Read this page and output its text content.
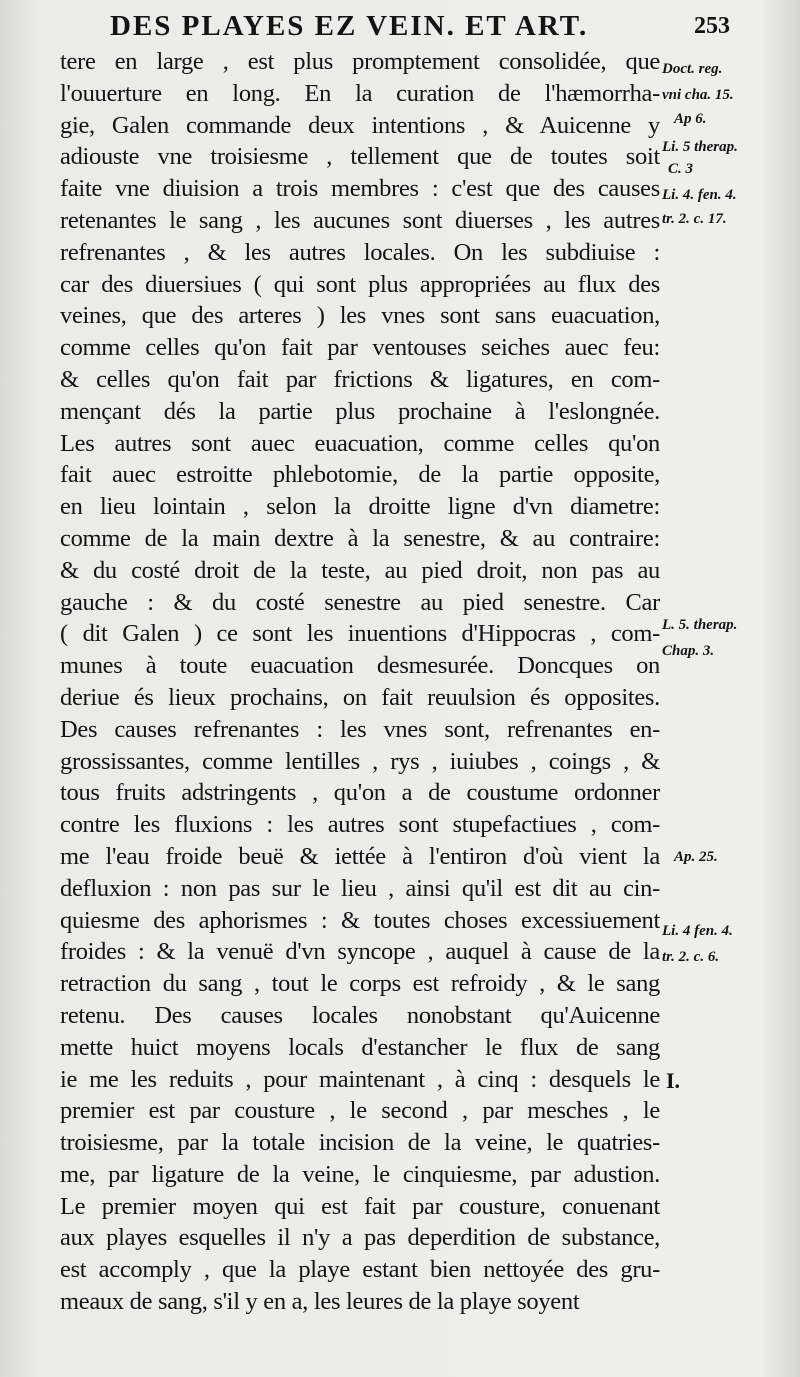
DES PLAYES EZ VEIN. ET ART.	253
tere en large , est plus promptement consolidée, que
l'ouuerture en long. En la curation de l'hæmorrha-
gie, Galen commande deux intentions , & Auicenne y
adiouste vne troisiesme , tellement que de toutes soit
faite vne diuision a trois membres : c'est que des causes
retenantes le sang , les aucunes sont diuerses , les autres
refrenantes , & les autres locales. On les subdiuise :
car des diuersiues ( qui sont plus appropriées au flux des
veines, que des arteres ) les vnes sont sans euacuation,
comme celles qu'on fait par ventouses seiches auec feu:
& celles qu'on fait par frictions & ligatures, en com-
mençant dés la partie plus prochaine à l'eslongnée.
Les autres sont auec euacuation, comme celles qu'on
fait auec estroitte phlebotomie, de la partie opposite,
en lieu lointain , selon la droitte ligne d'vn diametre:
comme de la main dextre à la senestre, & au contraire:
& du costé droit de la teste, au pied droit, non pas au
gauche : & du costé senestre au pied senestre. Car
( dit Galen ) ce sont les inuentions d'Hippocras , com-
munes à toute euacuation desmesurée. Doncques on
deriue és lieux prochains, on fait reuulsion és opposites.
Des causes refrenantes : les vnes sont, refrenantes en-
grossissantes, comme lentilles , rys , iuiubes , coings , &
tous fruits adstringents , qu'on a de coustume ordonner
contre les fluxions : les autres sont stupefactiues , com-
me l'eau froide beuë & iettée à l'entiron d'où vient la
defluxion : non pas sur le lieu , ainsi qu'il est dit au cin-
quiesme des aphorismes : & toutes choses excessiuement
froides : & la venuë d'vn syncope , auquel à cause de la
retraction du sang , tout le corps est refroidy , & le sang
retenu. Des causes locales nonobstant qu'Auicenne
mette huict moyens locals d'estancher le flux de sang
ie me les reduits , pour maintenant , à cinq : desquels le
premier est par cousture , le second , par mesches , le
troisiesme, par la totale incision de la veine, le quatries-
me, par ligature de la veine, le cinquiesme, par adustion.
Le premier moyen qui est fait par cousture, conuenant
aux playes esquelles il n'y a pas deperdition de substance,
est accomply , que la playe estant bien nettoyée des gru-
meaux de sang, s'il y en a, les leures de la playe soyent
Doct. reg.
vni cha. 15.
Ap 6.
Li. 5 therap.
C. 3
Li. 4. fen. 4.
tr. 2. c. 17.
L. 5. therap.
Chap. 3.
Ap. 25.
Li. 4 fen. 4.
tr. 2. c. 6.
I.
